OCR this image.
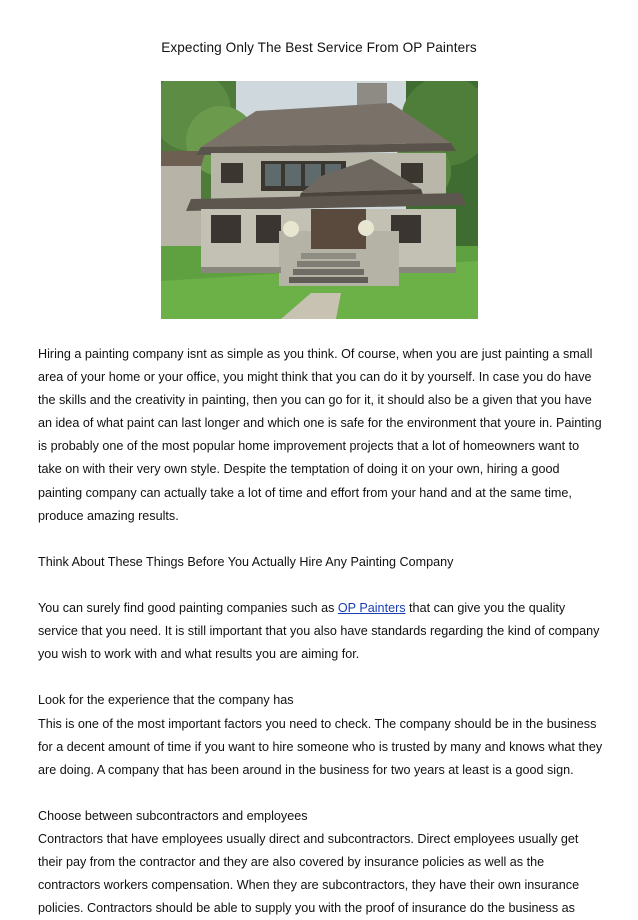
Expecting Only The Best Service From OP Painters

Hiring a painting company isnt as simple as you think. Of course, when you are just painting a small area of your home or your office, you might think that you can do it by yourself. In case you do have the skills and the creativity in painting, then you can go for it, it should also be a given that you have an idea of what paint can last longer and which one is safe for the environment that youre in. Painting is probably one of the most popular home improvement projects that a lot of homeowners want to take on with their very own style. Despite the temptation of doing it on your own, hiring a good painting company can actually take a lot of time and effort from your hand and at the same time, produce amazing results.

Think About These Things Before You Actually Hire Any Painting Company

You can surely find good painting companies such as OP Painters that can give you the quality service that you need. It is still important that you also have standards regarding the kind of company you wish to work with and what results you are aiming for.

Look for the experience that the company has

This is one of the most important factors you need to check. The company should be in the business for a decent amount of time if you want to hire someone who is trusted by many and knows what they are doing. A company that has been around in the business for two years at least is a good sign.

Choose between subcontractors and employees

Contractors that have employees usually direct and subcontractors. Direct employees usually get their pay from the contractor and they are also covered by insurance policies as well as the contractors workers compensation. When they are subcontractors, they have their own insurance policies. Contractors should be able to supply you with the proof of insurance do the business as
